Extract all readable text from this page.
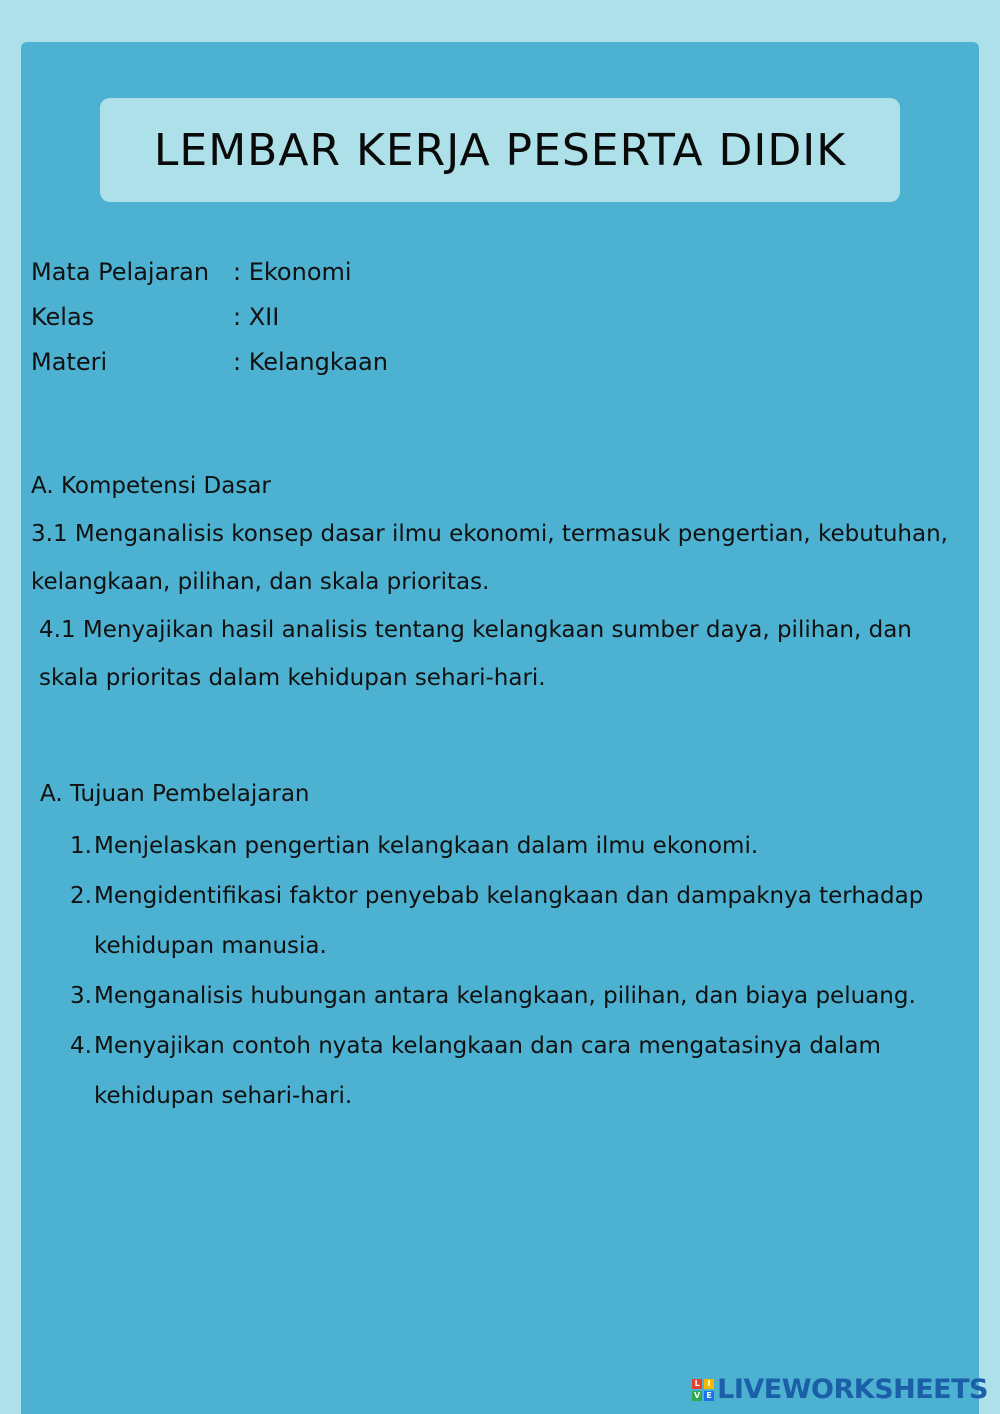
LEMBAR KERJA PESERTA DIDIK
Mata Pelajaran : Ekonomi
Kelas	: XII
Materi	: Kelangkaan

A. Kompetensi Dasar

3.1 Menganalisis konsep dasar ilmu ekonomi, termasuk pengertian, kebutuhan, kelangkaan, pilihan, dan skala prioritas.

4.1 Menyajikan hasil analisis tentang kelangkaan sumber daya, pilihan, dan skala prioritas dalam kehidupan sehari-hari.

A. Tujuan Pembelajaran
1. Menjelaskan pengertian kelangkaan dalam ilmu ekonomi.
2. Mengidentifikasi faktor penyebab kelangkaan dan dampaknya terhadap kehidupan manusia.
3. Menganalisis hubungan antara kelangkaan, pilihan, dan biaya peluang.
4. Menyajikan contoh nyata kelangkaan dan cara mengatasinya dalam kehidupan sehari-hari.
L I
V E LIVEWORKSHEETS
